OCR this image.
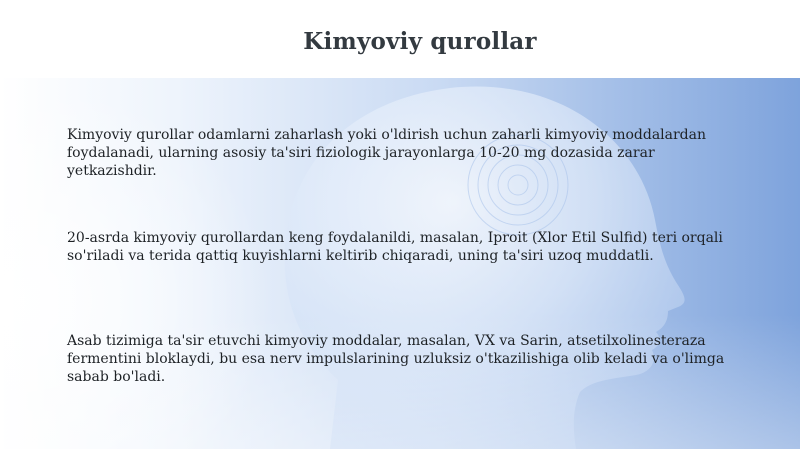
Kimyoviy qurollar

Kimyoviy qurollar odamlarni zaharlash yoki o'ldirish uchun zaharli kimyoviy moddalardan foydalanadi, ularning asosiy ta'siri fiziologik jarayonlarga 10-20 mg dozasida zarar yetkazishdir.

20-asrda kimyoviy qurollardan keng foydalanildi, masalan, Iproit (Xlor Etil Sulfid) teri orqali so'riladi va terida qattiq kuyishlarni keltirib chiqaradi, uning ta'siri uzoq muddatli.

Asab tizimiga ta'sir etuvchi kimyoviy moddalar, masalan, VX va Sarin, atsetilxolinesteraza fermentini bloklaydi, bu esa nerv impulslarining uzluksiz o'tkazilishiga olib keladi va o'limga sabab bo'ladi.
